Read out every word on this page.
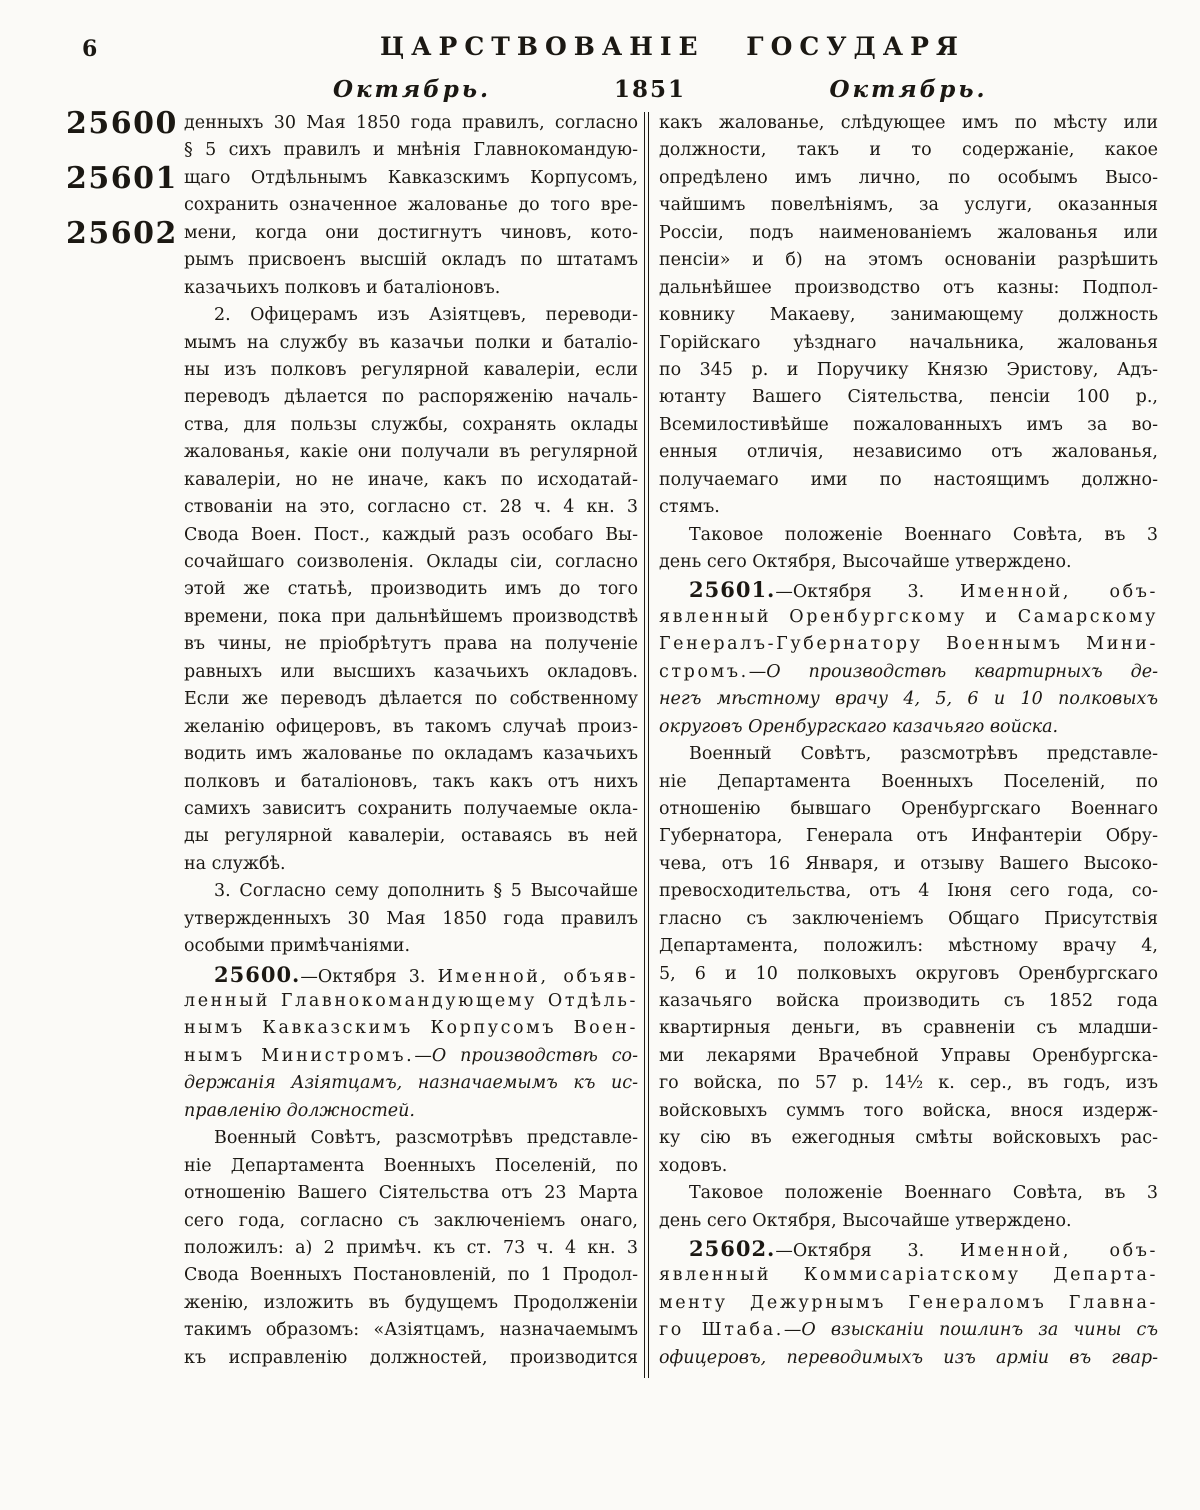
6	ЦАРСТВОВАНІЕ ГОСУДАРЯ
Октябрь.	1851	Октябрь.
25600
25601
25602
денныхъ 30 Мая 1850 года правилъ, согласно
§ 5 сихъ правилъ и мнѣнія Главнокомандую-
щаго Отдѣльнымъ Кавказскимъ Корпусомъ,
сохранить означенное жалованье до того вре-
мени, когда они достигнутъ чиновъ, кото-
рымъ присвоенъ высшій окладъ по штатамъ
казачьихъ полковъ и баталіоновъ.
2. Офицерамъ изъ Азіятцевъ, переводи-
мымъ на службу въ казачьи полки и баталіо-
ны изъ полковъ регулярной кавалеріи, если
переводъ дѣлается по распоряженію началь-
ства, для пользы службы, сохранять оклады
жалованья, какіе они получали въ регулярной
кавалеріи, но не иначе, какъ по исходатай-
ствованіи на это, согласно ст. 28 ч. 4 кн. 3
Свода Воен. Пост., каждый разъ особаго Вы-
сочайшаго соизволенія. Оклады сіи, согласно
этой же статьѣ, производить имъ до того
времени, пока при дальнѣйшемъ производствѣ
въ чины, не пріобрѣтутъ права на полученіе
равныхъ или высшихъ казачьихъ окладовъ.
Если же переводъ дѣлается по собственному
желанію офицеровъ, въ такомъ случаѣ произ-
водить имъ жалованье по окладамъ казачьихъ
полковъ и баталіоновъ, такъ какъ отъ нихъ
самихъ зависитъ сохранить получаемые окла-
ды регулярной кавалеріи, оставаясь въ ней
на службѣ.
3. Согласно сему дополнить § 5 Высочайше
утвержденныхъ 30 Мая 1850 года правилъ
особыми примѣчаніями.
25600.—Октября 3. Именной, объяв-
ленный Главнокомандующему Отдѣль-
нымъ Кавказскимъ Корпусомъ Воен-
нымъ Министромъ.—О производствѣ со-
держанія Азіятцамъ, назначаемымъ къ ис-
правленію должностей.
Военный Совѣтъ, разсмотрѣвъ представле-
ніе Департамента Военныхъ Поселеній, по
отношенію Вашего Сіятельства отъ 23 Марта
сего года, согласно съ заключеніемъ онаго,
положилъ: а) 2 примѣч. къ ст. 73 ч. 4 кн. 3
Свода Военныхъ Постановленій, по 1 Продол-
женію, изложить въ будущемъ Продолженіи
такимъ образомъ: «Азіятцамъ, назначаемымъ
къ исправленію должностей, производится
какъ жалованье, слѣдующее имъ по мѣсту или
должности, такъ и то содержаніе, какое
опредѣлено имъ лично, по особымъ Высо-
чайшимъ повелѣніямъ, за услуги, оказанныя
Россіи, подъ наименованіемъ жалованья или
пенсіи» и б) на этомъ основаніи разрѣшить
дальнѣйшее производство отъ казны: Подпол-
ковнику Макаеву, занимающему должность
Горійскаго уѣзднаго начальника, жалованья
по 345 р. и Поручику Князю Эристову, Адъ-
ютанту Вашего Сіятельства, пенсіи 100 р.,
Всемилостивѣйше пожалованныхъ имъ за во-
енныя отличія, независимо отъ жалованья,
получаемаго ими по настоящимъ должно-
стямъ.
Таковое положеніе Военнаго Совѣта, въ 3
день сего Октября, Высочайше утверждено.
25601.—Октября 3. Именной, объ-
явленный Оренбургскому и Самарскому
Генералъ-Губернатору Военнымъ Мини-
стромъ.—О производствѣ квартирныхъ де-
негъ мѣстному врачу 4, 5, 6 и 10 полковыхъ
округовъ Оренбургскаго казачьяго войска.
Военный Совѣтъ, разсмотрѣвъ представле-
ніе Департамента Военныхъ Поселеній, по
отношенію бывшаго Оренбургскаго Военнаго
Губернатора, Генерала отъ Инфантеріи Обру-
чева, отъ 16 Января, и отзыву Вашего Высоко-
превосходительства, отъ 4 Іюня сего года, со-
гласно съ заключеніемъ Общаго Присутствія
Департамента, положилъ: мѣстному врачу 4,
5, 6 и 10 полковыхъ округовъ Оренбургскаго
казачьяго войска производить съ 1852 года
квартирныя деньги, въ сравненіи съ младши-
ми лекарями Врачебной Управы Оренбургска-
го войска, по 57 р. 14½ к. сер., въ годъ, изъ
войсковыхъ суммъ того войска, внося издерж-
ку сію въ ежегодныя смѣты войсковыхъ рас-
ходовъ.
Таковое положеніе Военнаго Совѣта, въ 3
день сего Октября, Высочайше утверждено.
25602.—Октября 3. Именной, объ-
явленный Коммисаріатскому Департа-
менту Дежурнымъ Генераломъ Главна-
го Штаба.—О взысканіи пошлинъ за чины съ
офицеровъ, переводимыхъ изъ арміи въ гвар-
